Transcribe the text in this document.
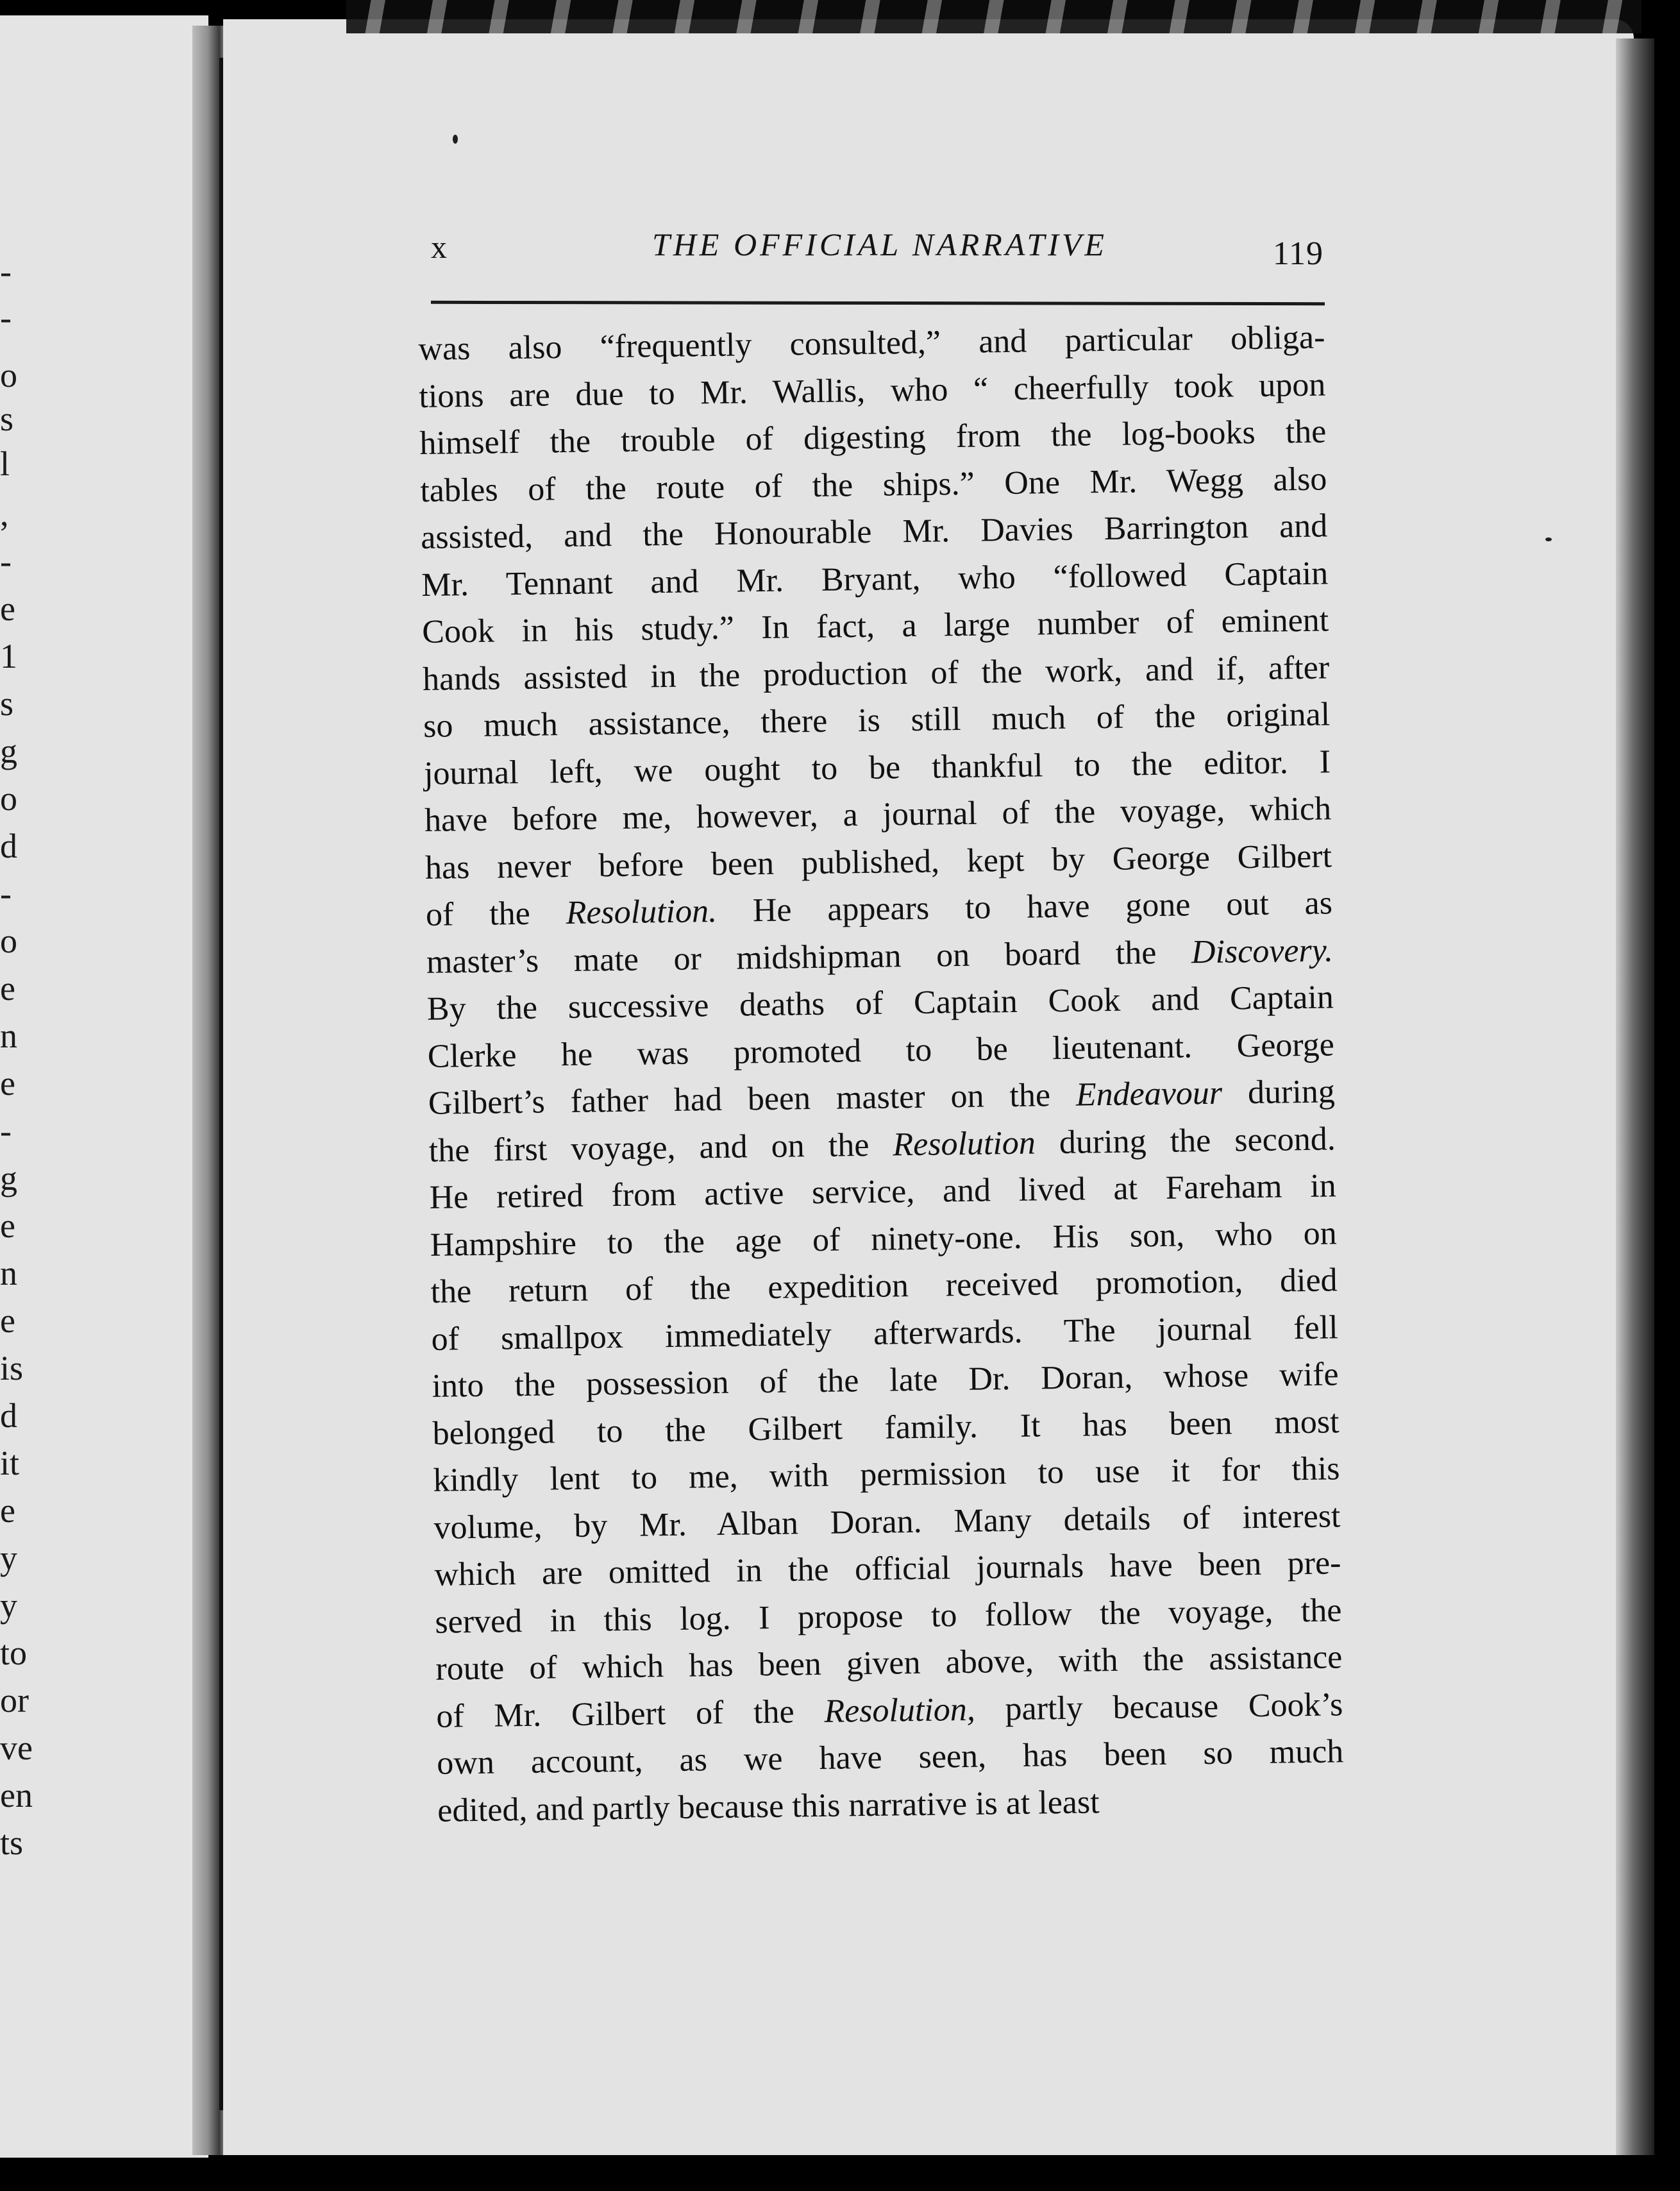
-
-
o
s
l
,
-
e
1
s
g
o
d
-
o
e
n
e
-
g
e
n
e
is
d
it
e
y
y
to
or
ve
en
ts
x	THE OFFICIAL NARRATIVE	119
was also “frequently consulted,” and particular obliga-
tions are due to Mr. Wallis, who “ cheerfully took upon
himself the trouble of digesting from the log-books the
tables of the route of the ships.” One Mr. Wegg also
assisted, and the Honourable Mr. Davies Barrington and
Mr. Tennant and Mr. Bryant, who “followed Captain
Cook in his study.” In fact, a large number of eminent
hands assisted in the production of the work, and if, after
so much assistance, there is still much of the original
journal left, we ought to be thankful to the editor. I
have before me, however, a journal of the voyage, which
has never before been published, kept by George Gilbert
of the Resolution. He appears to have gone out as
master’s mate or midshipman on board the Discovery.
By the successive deaths of Captain Cook and Captain
Clerke he was promoted to be lieutenant. George
Gilbert’s father had been master on the Endeavour during
the first voyage, and on the Resolution during the second.
He retired from active service, and lived at Fareham in
Hampshire to the age of ninety-one. His son, who on
the return of the expedition received promotion, died
of smallpox immediately afterwards. The journal fell
into the possession of the late Dr. Doran, whose wife
belonged to the Gilbert family. It has been most
kindly lent to me, with permission to use it for this
volume, by Mr. Alban Doran. Many details of interest
which are omitted in the official journals have been pre-
served in this log. I propose to follow the voyage, the
route of which has been given above, with the assistance
of Mr. Gilbert of the Resolution, partly because Cook’s
own account, as we have seen, has been so much
edited, and partly because this narrative is at least
